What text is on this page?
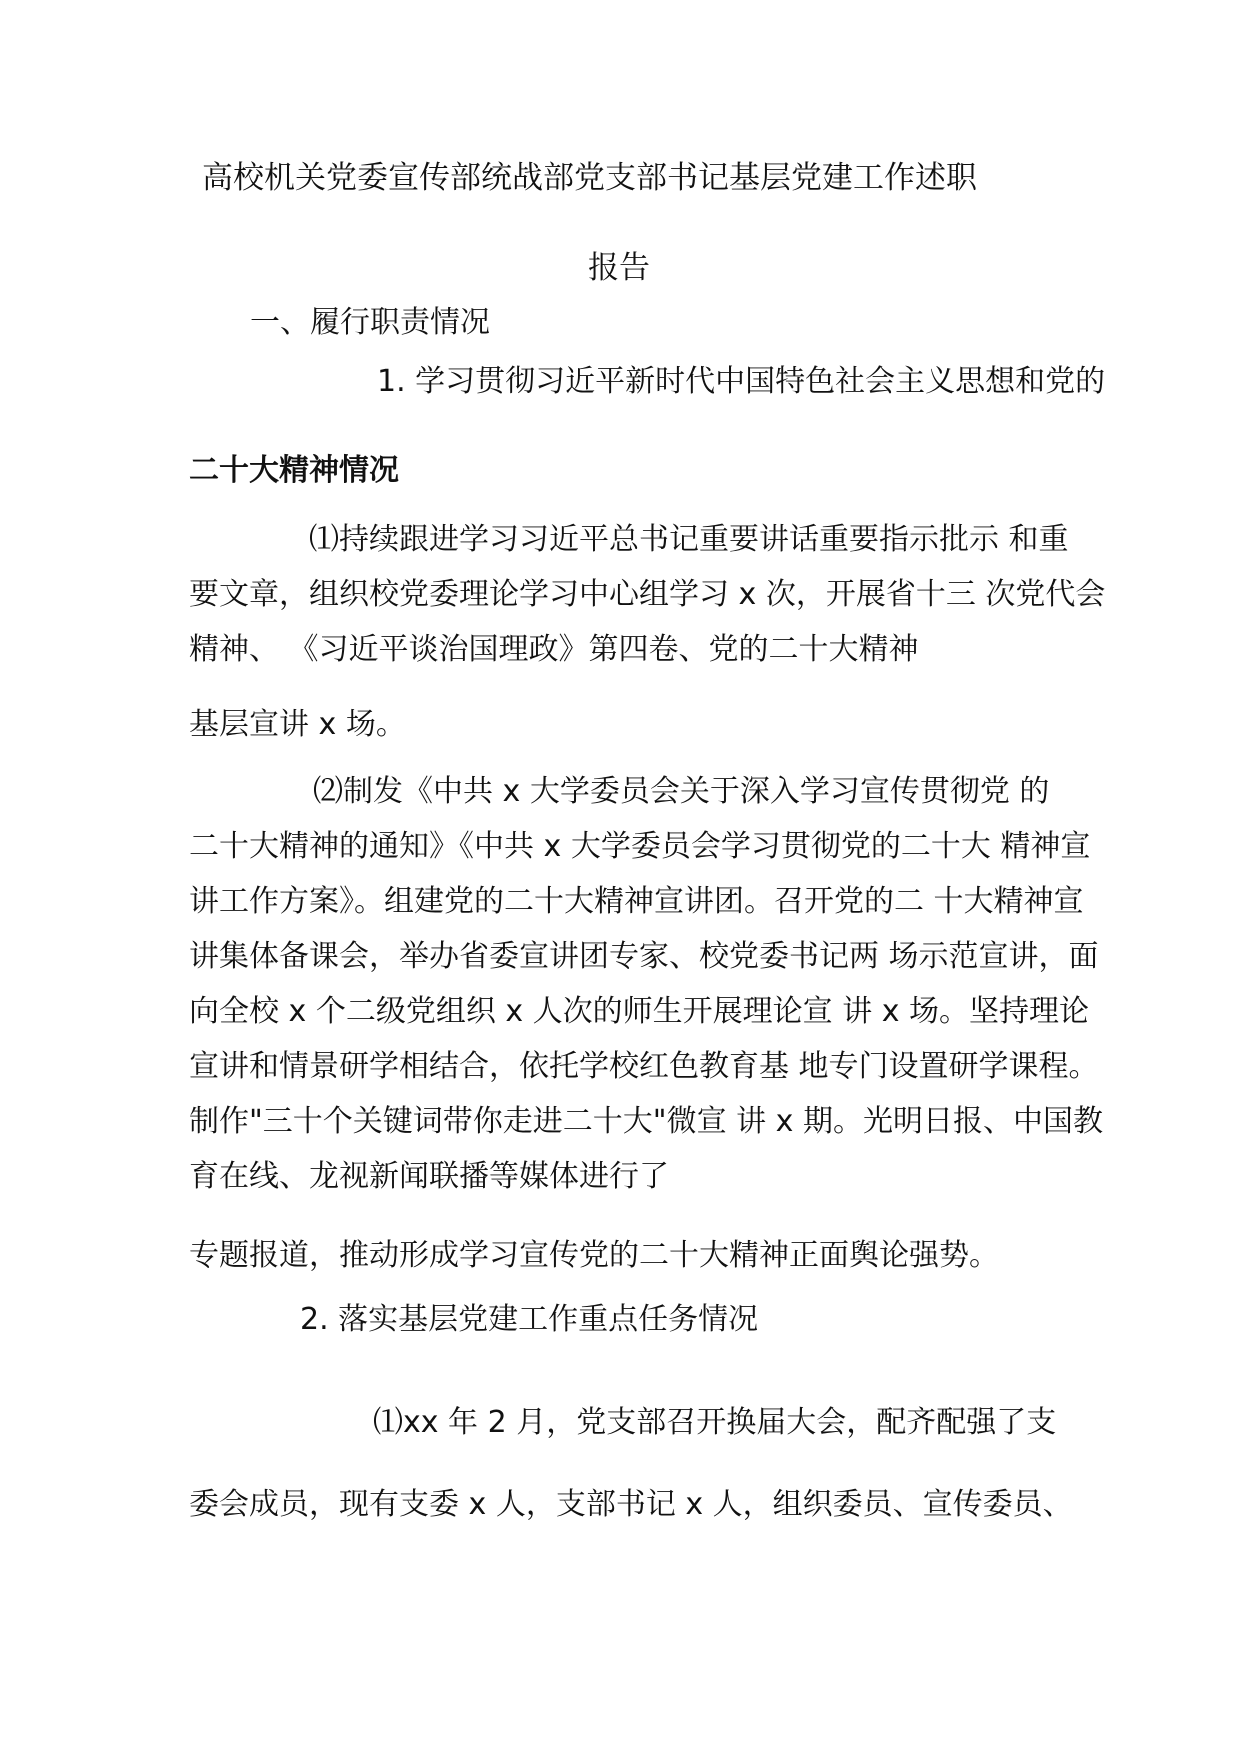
高校机关党委宣传部统战部党支部书记基层党建工作述职
报告
一、履行职责情况
1. 学习贯彻习近平新时代中国特色社会主义思想和党的
二十大精神情况
⑴持续跟进学习习近平总书记重要讲话重要指示批示 和重
要文章，组织校党委理论学习中心组学习 x 次，开展省十三 次党代会
精神、 《习近平谈治国理政》第四卷、党的二十大精神
基层宣讲 x 场。
⑵制发《中共 x 大学委员会关于深入学习宣传贯彻党 的
二十大精神的通知》《中共 x 大学委员会学习贯彻党的二十大 精神宣
讲工作方案》。组建党的二十大精神宣讲团。召开党的二 十大精神宣
讲集体备课会，举办省委宣讲团专家、校党委书记两 场示范宣讲，面
向全校 x 个二级党组织 x 人次的师生开展理论宣 讲 x 场。坚持理论
宣讲和情景研学相结合，依托学校红色教育基 地专门设置研学课程。
制作"三十个关键词带你走进二十大"微宣 讲 x 期。光明日报、中国教
育在线、龙视新闻联播等媒体进行了
专题报道，推动形成学习宣传党的二十大精神正面舆论强势。
2. 落实基层党建工作重点任务情况
⑴xx 年 2 月，党支部召开换届大会，配齐配强了支
委会成员，现有支委 x 人，支部书记 x 人，组织委员、宣传委员、
